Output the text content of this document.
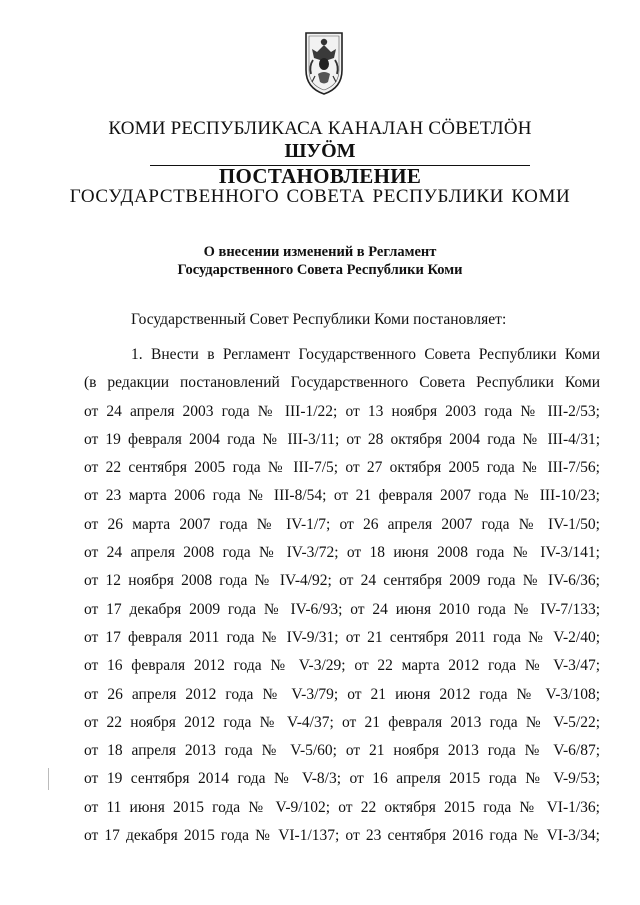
КОМИ РЕСПУБЛИКАСА КАНАЛАН СÖВЕТЛÖН
ШУÖМ
ПОСТАНОВЛЕНИЕ
ГОСУДАРСТВЕННОГО СОВЕТА РЕСПУБЛИКИ КОМИ
О внесении изменений в Регламент
Государственного Совета Республики Коми
Государственный Совет Республики Коми постановляет:
1. Внести в Регламент Государственного Совета Республики Коми
(в редакции постановлений Государственного Совета Республики Коми
от 24 апреля 2003 года № III-1/22; от 13 ноября 2003 года № III-2/53;
от 19 февраля 2004 года № III-3/11; от 28 октября 2004 года № III-4/31;
от 22 сентября 2005 года № III-7/5; от 27 октября 2005 года № III-7/56;
от 23 марта 2006 года № III-8/54; от 21 февраля 2007 года № III-10/23;
от 26 марта 2007 года № IV-1/7; от 26 апреля 2007 года № IV-1/50;
от 24 апреля 2008 года № IV-3/72; от 18 июня 2008 года № IV-3/141;
от 12 ноября 2008 года № IV-4/92; от 24 сентября 2009 года № IV-6/36;
от 17 декабря 2009 года № IV-6/93; от 24 июня 2010 года № IV-7/133;
от 17 февраля 2011 года № IV-9/31; от 21 сентября 2011 года № V-2/40;
от 16 февраля 2012 года № V-3/29; от 22 марта 2012 года № V-3/47;
от 26 апреля 2012 года № V-3/79; от 21 июня 2012 года № V-3/108;
от 22 ноября 2012 года № V-4/37; от 21 февраля 2013 года № V-5/22;
от 18 апреля 2013 года № V-5/60; от 21 ноября 2013 года № V-6/87;
от 19 сентября 2014 года № V-8/3; от 16 апреля 2015 года № V-9/53;
от 11 июня 2015 года № V-9/102; от 22 октября 2015 года № VI-1/36;
от 17 декабря 2015 года № VI-1/137; от 23 сентября 2016 года № VI-3/34;
